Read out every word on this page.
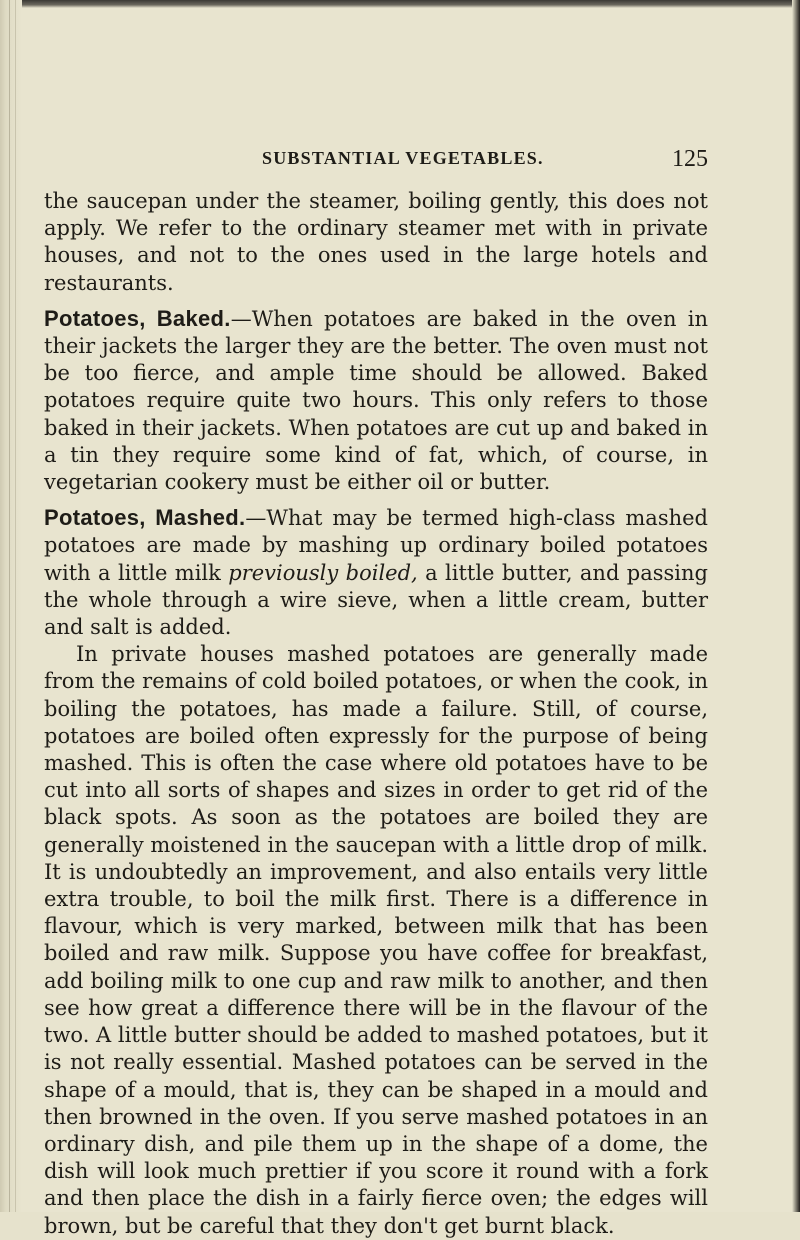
SUBSTANTIAL VEGETABLES.	125

the saucepan under the steamer, boiling gently, this does not apply. We refer to the ordinary steamer met with in private houses, and not to the ones used in the large hotels and restaurants.

Potatoes, Baked.—When potatoes are baked in the oven in their jackets the larger they are the better. The oven must not be too fierce, and ample time should be allowed. Baked potatoes require quite two hours. This only refers to those baked in their jackets. When potatoes are cut up and baked in a tin they require some kind of fat, which, of course, in vegetarian cookery must be either oil or butter.

Potatoes, Mashed.—What may be termed high-class mashed potatoes are made by mashing up ordinary boiled potatoes with a little milk previously boiled, a little butter, and passing the whole through a wire sieve, when a little cream, butter and salt is added.

In private houses mashed potatoes are generally made from the remains of cold boiled potatoes, or when the cook, in boiling the potatoes, has made a failure. Still, of course, potatoes are boiled often expressly for the purpose of being mashed. This is often the case where old potatoes have to be cut into all sorts of shapes and sizes in order to get rid of the black spots. As soon as the potatoes are boiled they are generally moistened in the saucepan with a little drop of milk. It is undoubtedly an improvement, and also entails very little extra trouble, to boil the milk first. There is a difference in flavour, which is very marked, between milk that has been boiled and raw milk. Suppose you have coffee for breakfast, add boiling milk to one cup and raw milk to another, and then see how great a difference there will be in the flavour of the two. A little butter should be added to mashed potatoes, but it is not really essential. Mashed potatoes can be served in the shape of a mould, that is, they can be shaped in a mould and then browned in the oven. If you serve mashed potatoes in an ordinary dish, and pile them up in the shape of a dome, the dish will look much prettier if you score it round with a fork and then place the dish in a fairly fierce oven; the edges will brown, but be careful that they don't get burnt black.
